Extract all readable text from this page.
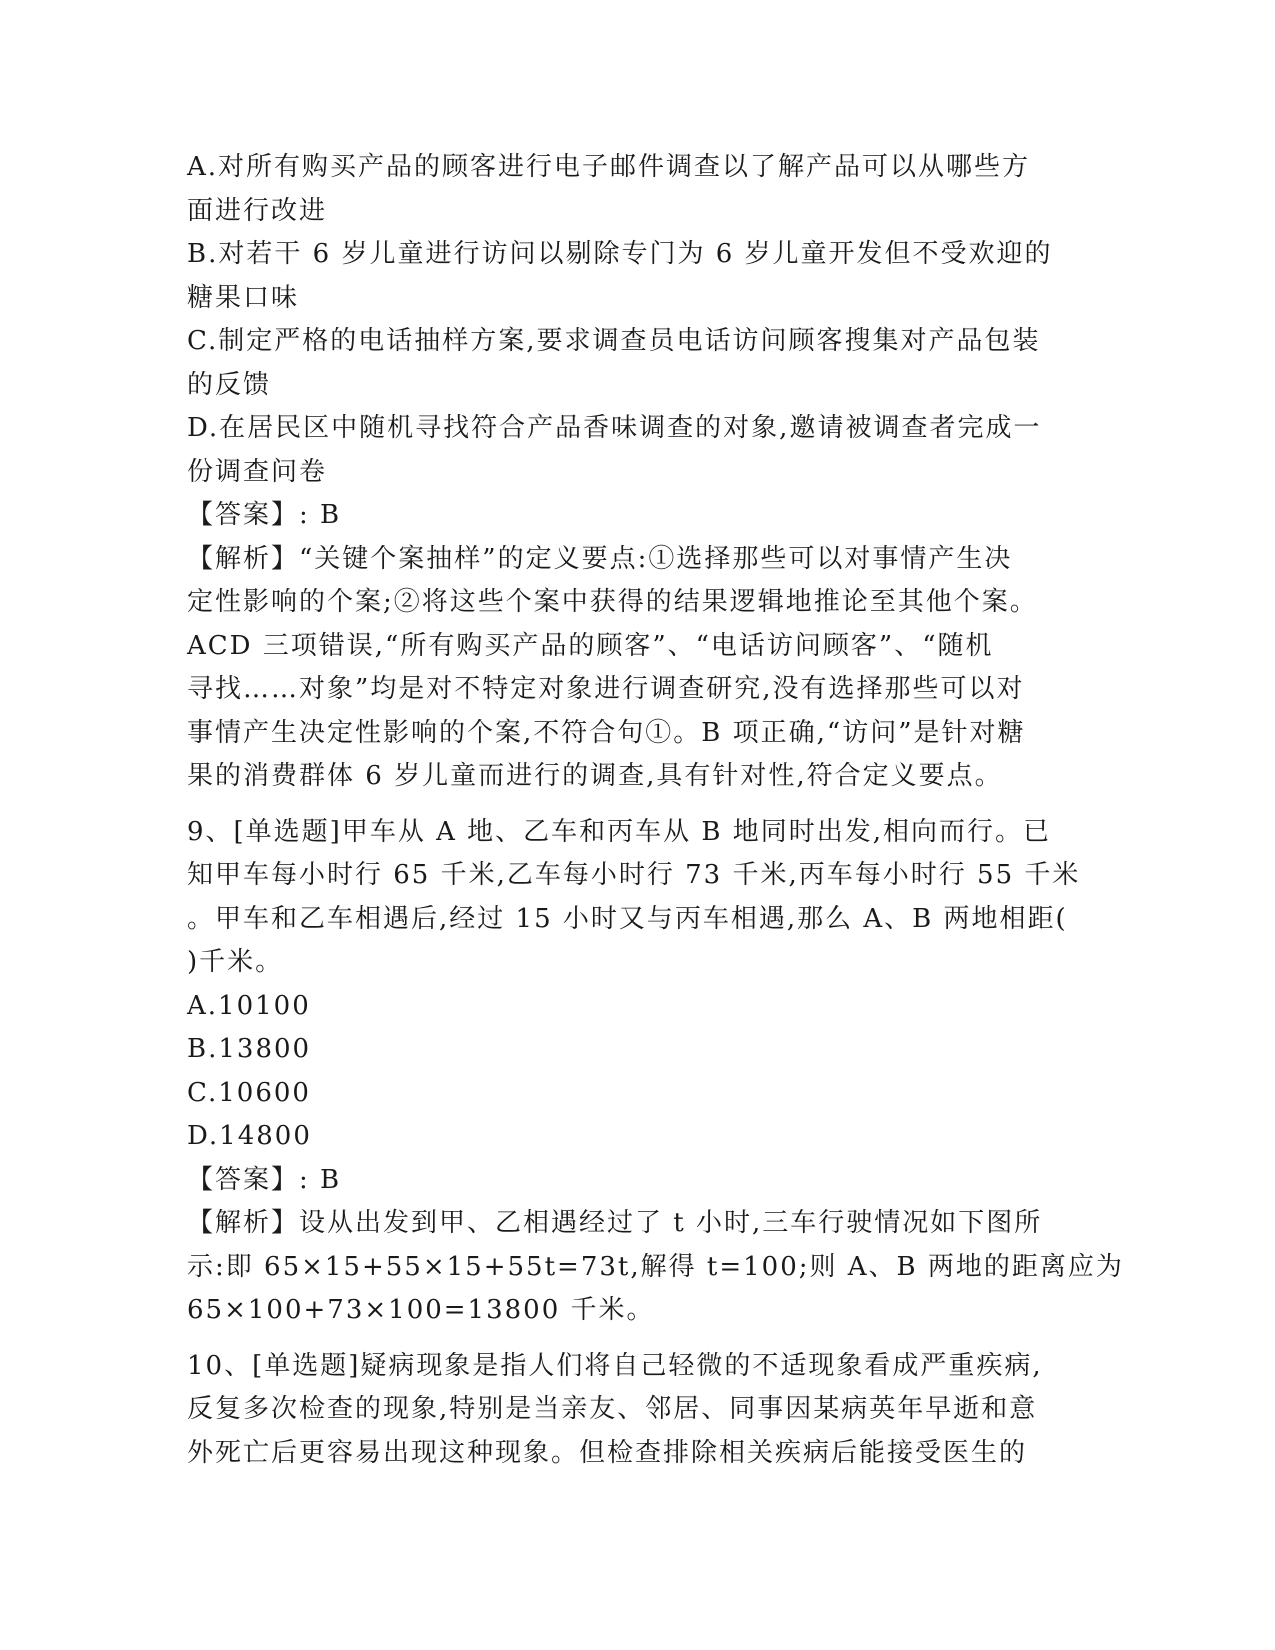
A.对所有购买产品的顾客进行电子邮件调查以了解产品可以从哪些方
面进行改进
B.对若干 6 岁儿童进行访问以剔除专门为 6 岁儿童开发但不受欢迎的
糖果口味
C.制定严格的电话抽样方案,要求调查员电话访问顾客搜集对产品包装
的反馈
D.在居民区中随机寻找符合产品香味调查的对象,邀请被调查者完成一
份调查问卷
【答案】: B
【解析】“关键个案抽样”的定义要点:①选择那些可以对事情产生决
定性影响的个案;②将这些个案中获得的结果逻辑地推论至其他个案。
ACD 三项错误,“所有购买产品的顾客”、“电话访问顾客”、“随机
寻找……对象”均是对不特定对象进行调查研究,没有选择那些可以对
事情产生决定性影响的个案,不符合句①。B 项正确,“访问”是针对糖
果的消费群体 6 岁儿童而进行的调查,具有针对性,符合定义要点。
9、[单选题]甲车从 A 地、乙车和丙车从 B 地同时出发,相向而行。已
知甲车每小时行 65 千米,乙车每小时行 73 千米,丙车每小时行 55 千米
。甲车和乙车相遇后,经过 15 小时又与丙车相遇,那么 A、B 两地相距(
)千米。
A.10100
B.13800
C.10600
D.14800
【答案】: B
【解析】设从出发到甲、乙相遇经过了 t 小时,三车行驶情况如下图所
示:即 65×15+55×15+55t=73t,解得 t=100;则 A、B 两地的距离应为
65×100+73×100=13800 千米。
10、[单选题]疑病现象是指人们将自己轻微的不适现象看成严重疾病,
反复多次检查的现象,特别是当亲友、邻居、同事因某病英年早逝和意
外死亡后更容易出现这种现象。但检查排除相关疾病后能接受医生的
